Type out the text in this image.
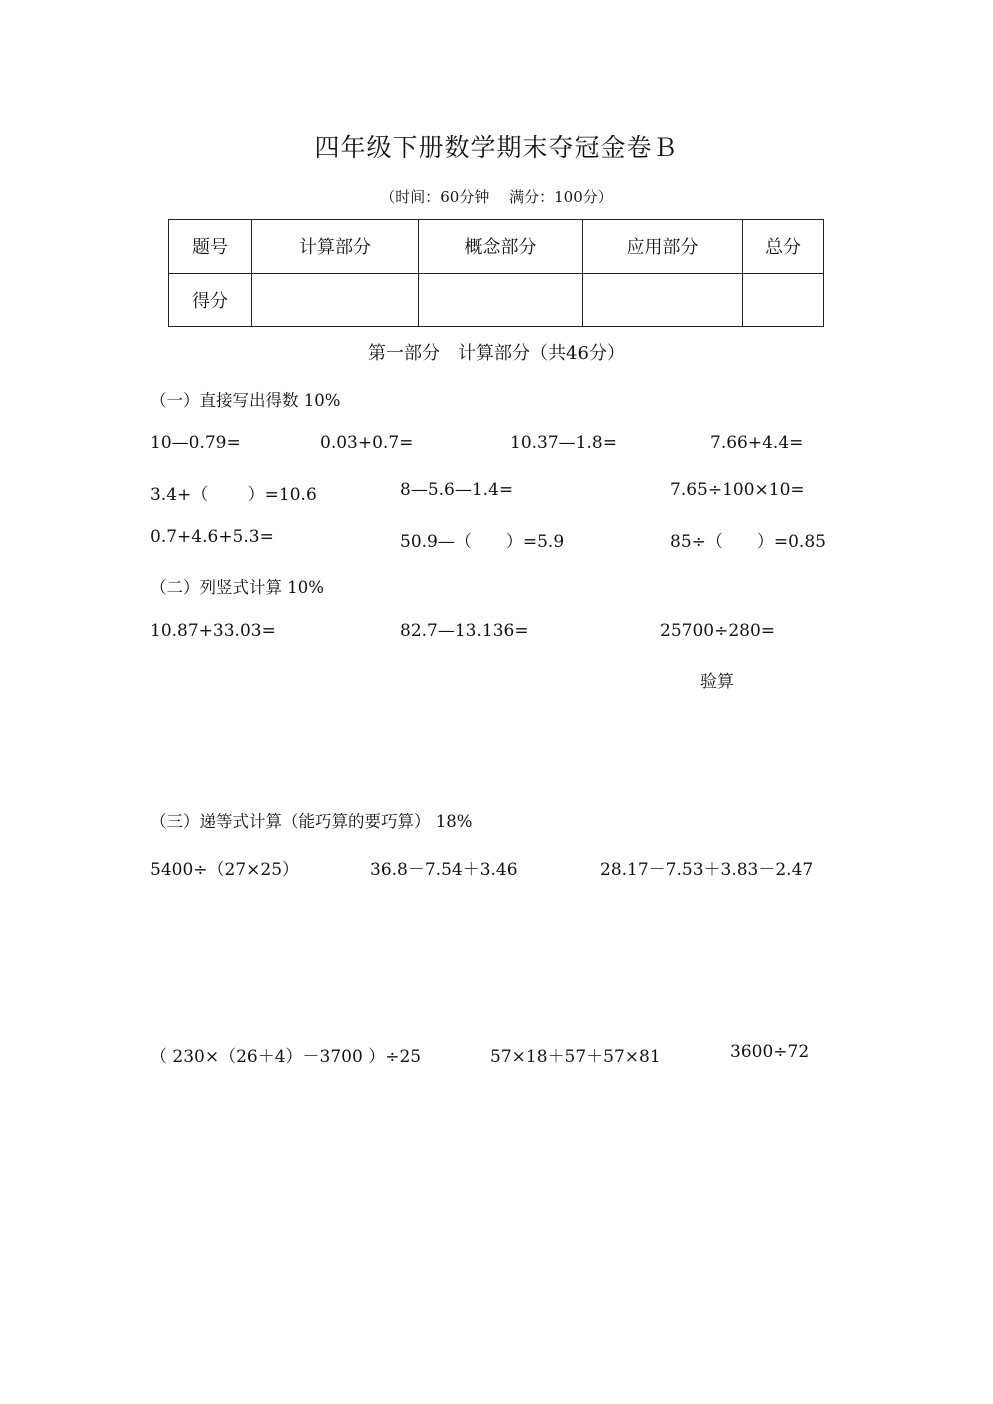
四年级下册数学期末夺冠金卷Ｂ
（时间：60分钟　 满分：100分）
题号	计算部分	概念部分	应用部分	总分
得分				
第一部分　计算部分（共46分）
（一）直接写出得数 10%
10—0.79=	0.03+0.7=	10.37—1.8=	7.66+4.4=
3.4+（　　 ）=10.6	8—5.6—1.4=	7.65÷100×10=
0.7+4.6+5.3=	50.9—（　　）=5.9	85÷（　　）=0.85
（二）列竖式计算 10%
10.87+33.03=	82.7—13.136=	25700÷280=
验算
（三）递等式计算（能巧算的要巧算） 18%
5400÷（27×25）	36.8－7.54＋3.46	28.17－7.53＋3.83－2.47
（ 230×（26＋4）－3700 ）÷25	57×18＋57＋57×81	3600÷72
